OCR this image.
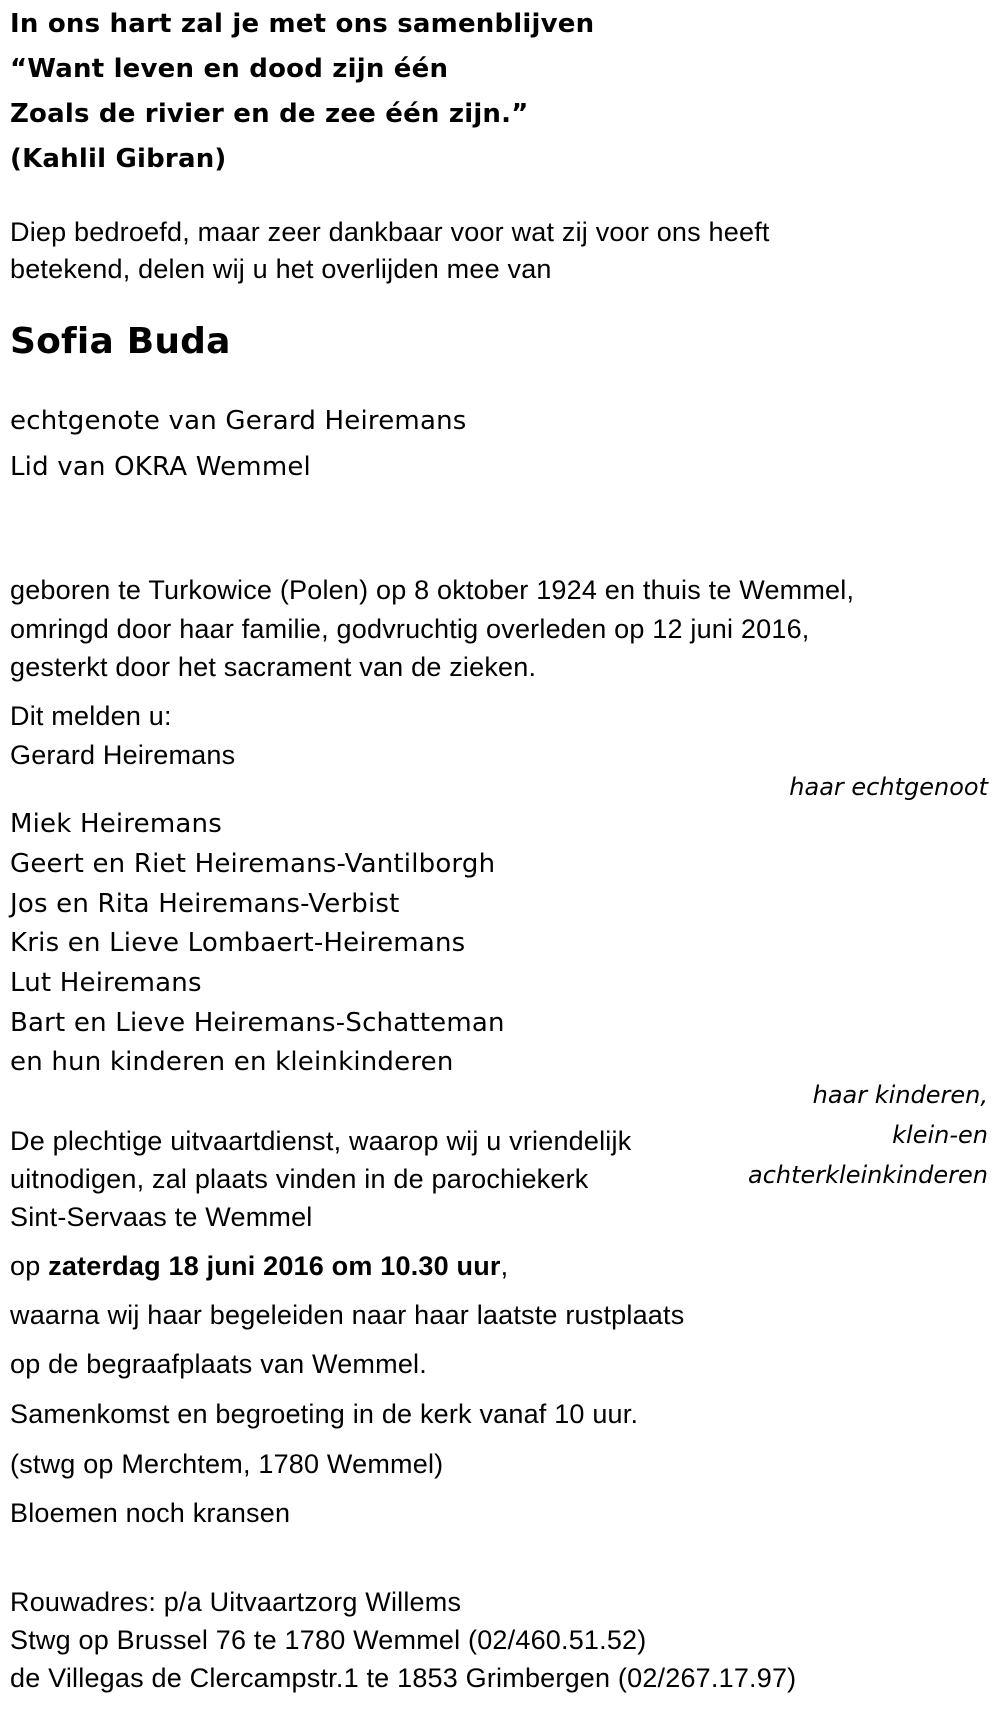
In ons hart zal je met ons samenblijven
“Want leven en dood zijn één
Zoals de rivier en de zee één zijn.”
(Kahlil Gibran)
Diep bedroefd, maar zeer dankbaar voor wat zij voor ons heeft
betekend, delen wij u het overlijden mee van
Sofia Buda
echtgenote van Gerard Heiremans
Lid van OKRA Wemmel
geboren te Turkowice (Polen) op 8 oktober 1924 en thuis te Wemmel,
omringd door haar familie, godvruchtig overleden op 12 juni 2016,
gesterkt door het sacrament van de zieken.
Dit melden u:
Gerard Heiremans
haar echtgenoot
Miek Heiremans
Geert en Riet Heiremans-Vantilborgh
Jos en Rita Heiremans-Verbist
Kris en Lieve Lombaert-Heiremans
Lut Heiremans
Bart en Lieve Heiremans-Schatteman
en hun kinderen en kleinkinderen
haar kinderen,
klein-en
achterkleinkinderen
De plechtige uitvaartdienst, waarop wij u vriendelijk
uitnodigen, zal plaats vinden in de parochiekerk
Sint-Servaas te Wemmel
op zaterdag 18 juni 2016 om 10.30 uur,
waarna wij haar begeleiden naar haar laatste rustplaats
op de begraafplaats van Wemmel.
Samenkomst en begroeting in de kerk vanaf 10 uur.
(stwg op Merchtem, 1780 Wemmel)
Bloemen noch kransen
Rouwadres: p/a Uitvaartzorg Willems
Stwg op Brussel 76 te 1780 Wemmel (02/460.51.52)
de Villegas de Clercampstr.1 te 1853 Grimbergen (02/267.17.97)
